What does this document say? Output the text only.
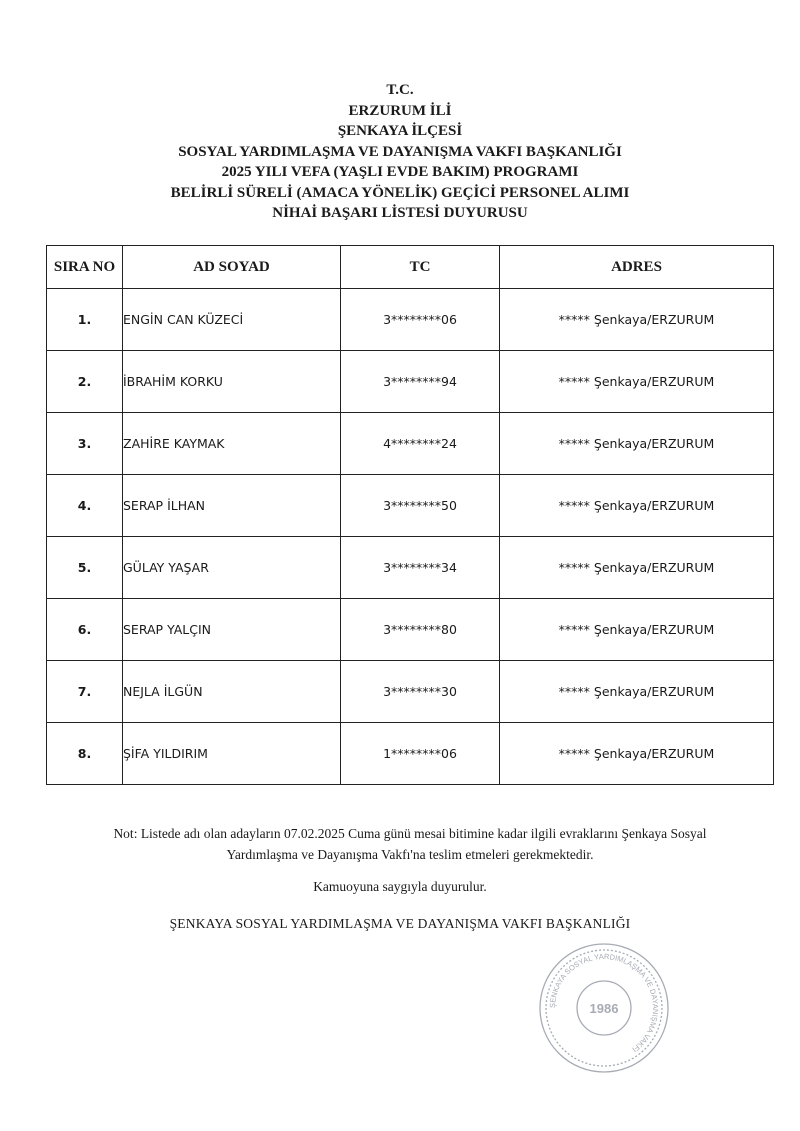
T.C.
ERZURUM İLİ
ŞENKAYA İLÇESİ
SOSYAL YARDIMLAŞMA VE DAYANIŞMA VAKFI BAŞKANLIĞI
2025 YILI VEFA (YAŞLI EVDE BAKIM) PROGRAMI
BELİRLİ SÜRELİ (AMACA YÖNELİK) GEÇİCİ PERSONEL ALIMI
NİHAİ BAŞARI LİSTESİ DUYURUSU
SIRA NO	AD SOYAD	TC	ADRES
1.	ENGİN CAN KÜZECİ	3********06	***** Şenkaya/ERZURUM
2.	İBRAHİM KORKU	3********94	***** Şenkaya/ERZURUM
3.	ZAHİRE KAYMAK	4********24	***** Şenkaya/ERZURUM
4.	SERAP İLHAN	3********50	***** Şenkaya/ERZURUM
5.	GÜLAY YAŞAR	3********34	***** Şenkaya/ERZURUM
6.	SERAP YALÇIN	3********80	***** Şenkaya/ERZURUM
7.	NEJLA İLGÜN	3********30	***** Şenkaya/ERZURUM
8.	ŞİFA YILDIRIM	1********06	***** Şenkaya/ERZURUM
Not: Listede adı olan adayların 07.02.2025 Cuma günü mesai bitimine kadar ilgili evraklarını Şenkaya Sosyal
Yardımlaşma ve Dayanışma Vakfı'na teslim etmeleri gerekmektedir.
Kamuoyuna saygıyla duyurulur.
ŞENKAYA SOSYAL YARDIMLAŞMA VE DAYANIŞMA VAKFI BAŞKANLIĞI
ŞENKAYA SOSYAL YARDIMLAŞMA VE DAYANIŞMA VAKFI
1986
